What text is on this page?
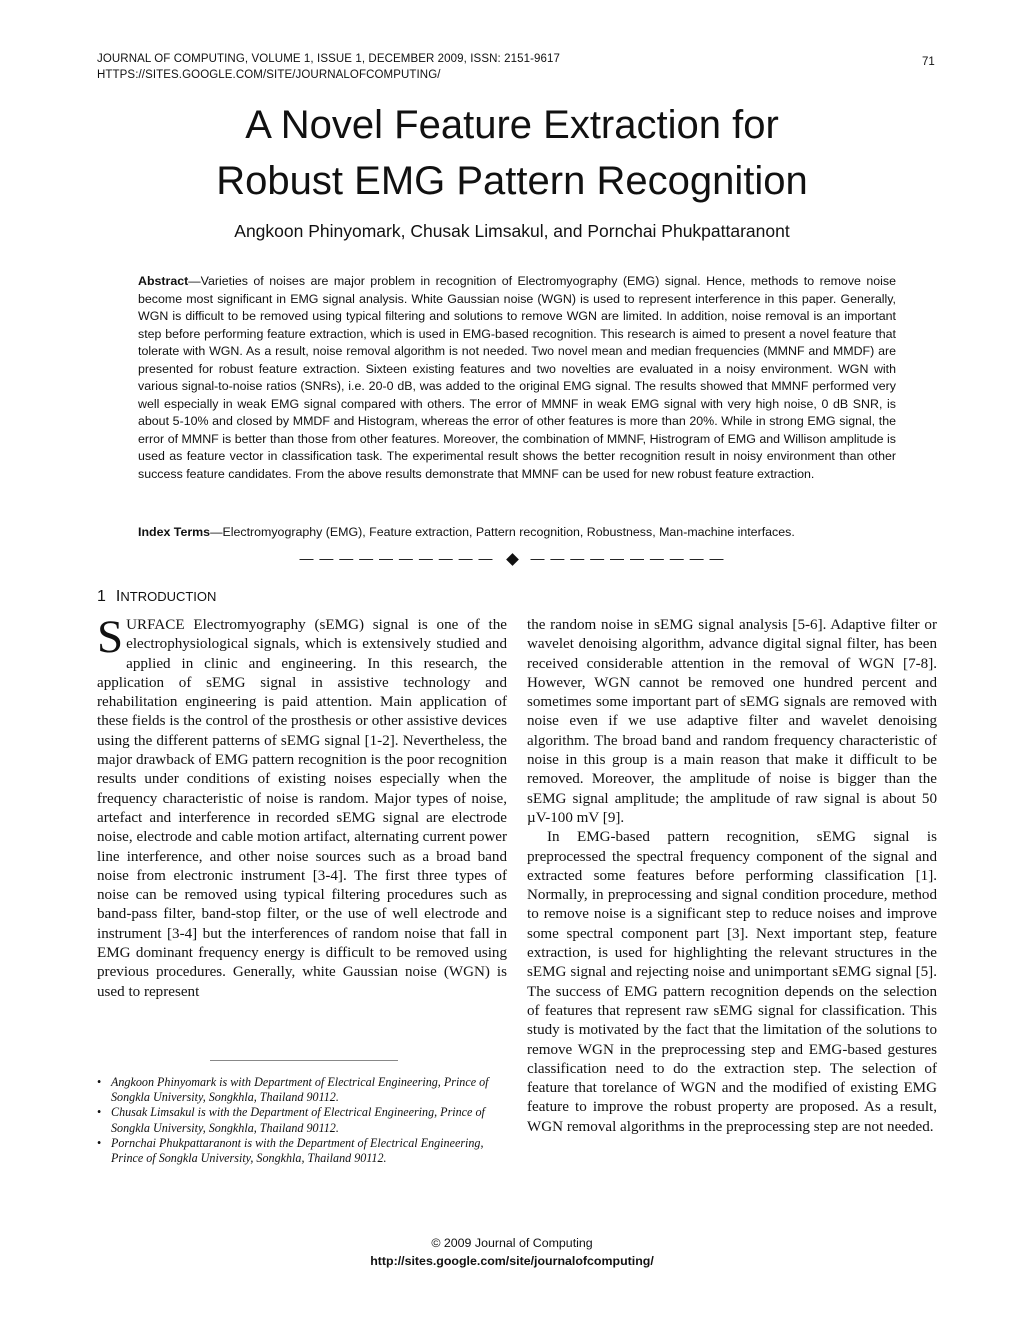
JOURNAL OF COMPUTING, VOLUME 1, ISSUE 1, DECEMBER 2009, ISSN: 2151-9617
HTTPS://SITES.GOOGLE.COM/SITE/JOURNALOFCOMPUTING/
71
A Novel Feature Extraction for
Robust EMG Pattern Recognition
Angkoon Phinyomark, Chusak Limsakul, and Pornchai Phukpattaranont

Abstract—Varieties of noises are major problem in recognition of Electromyography (EMG) signal. Hence, methods to remove noise become most significant in EMG signal analysis. White Gaussian noise (WGN) is used to represent interference in this paper. Generally, WGN is difficult to be removed using typical filtering and solutions to remove WGN are limited. In addition, noise removal is an important step before performing feature extraction, which is used in EMG-based recognition. This research is aimed to present a novel feature that tolerate with WGN. As a result, noise removal algorithm is not needed. Two novel mean and median frequencies (MMNF and MMDF) are presented for robust feature extraction. Sixteen existing features and two novelties are evaluated in a noisy environment. WGN with various signal-to-noise ratios (SNRs), i.e. 20-0 dB, was added to the original EMG signal. The results showed that MMNF performed very well especially in weak EMG signal compared with others. The error of MMNF in weak EMG signal with very high noise, 0 dB SNR, is about 5-10% and closed by MMDF and Histogram, whereas the error of other features is more than 20%. While in strong EMG signal, the error of MMNF is better than those from other features. Moreover, the combination of MMNF, Histrogram of EMG and Willison amplitude is used as feature vector in classification task. The experimental result shows the better recognition result in noisy environment than other success feature candidates. From the above results demonstrate that MMNF can be used for new robust feature extraction.

Index Terms—Electromyography (EMG), Feature extraction, Pattern recognition, Robustness, Man-machine interfaces.

— — — — — — — — — —	— — — — — — — — — —
1 INTRODUCTION

SURFACE Electromyography (sEMG) signal is one of the electrophysiological signals, which is extensively studied and applied in clinic and engineering. In this research, the application of sEMG signal in assistive technology and rehabilitation engineering is paid attention. Main application of these fields is the control of the prosthesis or other assistive devices using the different patterns of sEMG signal [1-2]. Nevertheless, the major drawback of EMG pattern recognition is the poor recognition results under conditions of existing noises especially when the frequency characteristic of noise is random. Major types of noise, artefact and interference in recorded sEMG signal are electrode noise, electrode and cable motion artifact, alternating current power line interference, and other noise sources such as a broad band noise from electronic instrument [3-4]. The first three types of noise can be removed using typical filtering procedures such as band-pass filter, band-stop filter, or the use of well electrode and instrument [3-4] but the interferences of random noise that fall in EMG dominant frequency energy is difficult to be removed using previous procedures. Generally, white Gaussian noise (WGN) is used to represent

the random noise in sEMG signal analysis [5-6]. Adaptive filter or wavelet denoising algorithm, advance digital signal filter, has been received considerable attention in the removal of WGN [7-8]. However, WGN cannot be removed one hundred percent and sometimes some important part of sEMG signals are removed with noise even if we use adaptive filter and wavelet denoising algorithm. The broad band and random frequency characteristic of noise in this group is a main reason that make it difficult to be removed. Moreover, the amplitude of noise is bigger than the sEMG signal amplitude; the amplitude of raw signal is about 50 µV-100 mV [9].

In EMG-based pattern recognition, sEMG signal is preprocessed the spectral frequency component of the signal and extracted some features before performing classification [1]. Normally, in preprocessing and signal condition procedure, method to remove noise is a significant step to reduce noises and improve some spectral component part [3]. Next important step, feature extraction, is used for highlighting the relevant structures in the sEMG signal and rejecting noise and unimportant sEMG signal [5]. The success of EMG pattern recognition depends on the selection of features that represent raw sEMG signal for classification. This study is motivated by the fact that the limitation of the solutions to remove WGN in the preprocessing step and EMG-based gestures classification need to do the extraction step. The selection of feature that torelance of WGN and the modified of existing EMG feature to improve the robust property are proposed. As a result, WGN removal algorithms in the preprocessing step are not needed.

• Angkoon Phinyomark is with Department of Electrical Engineering, Prince of Songkla University, Songkhla, Thailand 90112.
• Chusak Limsakul is with the Department of Electrical Engineering, Prince of Songkla University, Songkhla, Thailand 90112.
• Pornchai Phukpattaranont is with the Department of Electrical Engineering, Prince of Songkla University, Songkhla, Thailand 90112.
© 2009 Journal of Computing
http://sites.google.com/site/journalofcomputing/
